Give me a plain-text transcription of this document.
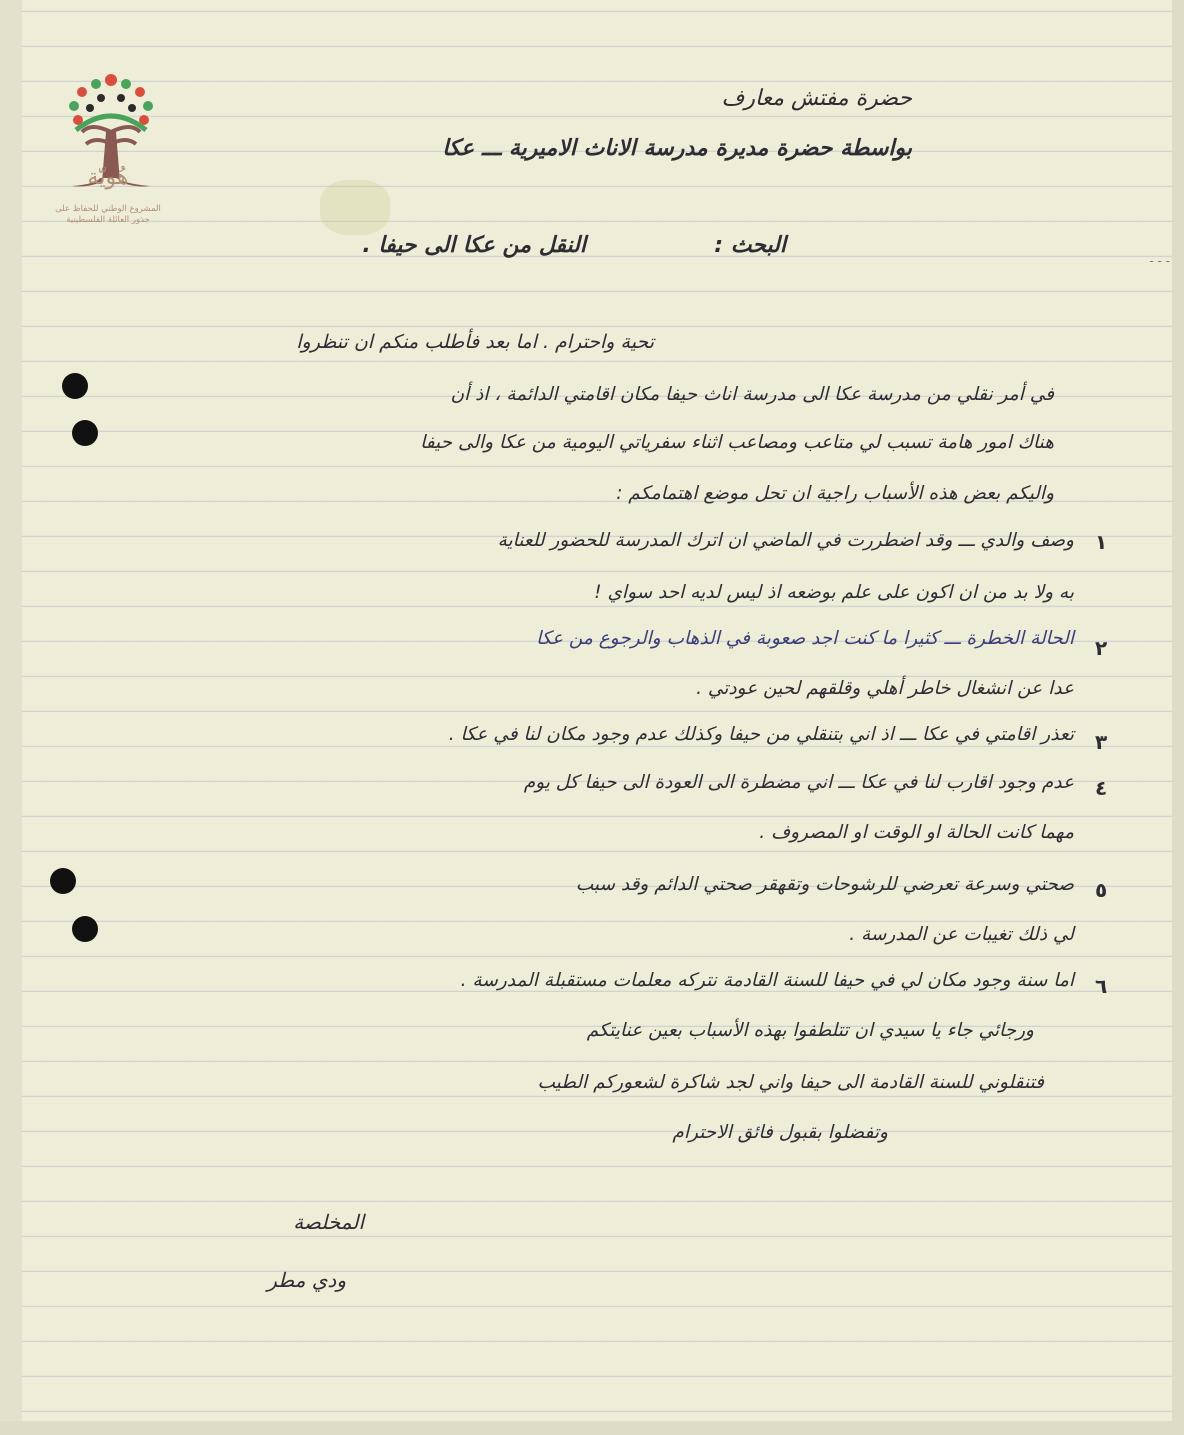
هُويّة
المشروع الوطني للحفاظ على
جذور العائلة الفلسطينية
حضرة مفتش معارف
بواسطة حضرة مديرة مدرسة الاناث الاميرية ـــ عكا
البحث :
النقل من عكا الى حيفا .
تحية واحترام . اما بعد فأطلب منكم ان تنظروا
في أمر نقلي من مدرسة عكا الى مدرسة اناث حيفا مكان اقامتي الدائمة ، اذ أن
هناك امور هامة تسبب لي متاعب ومصاعب اثناء سفرياتي اليومية من عكا والى حيفا
واليكم بعض هذه الأسباب راجية ان تحل موضع اهتمامكم :
١
وصف والدي ـــ وقد اضطررت في الماضي ان اترك المدرسة للحضور للعناية
به ولا بد من ان اكون على علم بوضعه اذ ليس لديه احد سواي !
٢
الحالة الخطرة ـــ كثيرا ما كنت اجد صعوبة في الذهاب والرجوع من عكا
عدا عن انشغال خاطر أهلي وقلقهم لحين عودتي .
٣
تعذر اقامتي في عكا ـــ اذ اني بتنقلي من حيفا وكذلك عدم وجود مكان لنا في عكا .
٤
عدم وجود اقارب لنا في عكا ـــ اني مضطرة الى العودة الى حيفا كل يوم
مهما كانت الحالة او الوقت او المصروف .
٥
صحتي وسرعة تعرضي للرشوحات وتقهقر صحتي الدائم وقد سبب
لي ذلك تغيبات عن المدرسة .
٦
اما سنة وجود مكان لي في حيفا للسنة القادمة نتركه معلمات مستقبلة المدرسة .
ورجائي جاء يا سيدي ان تتلطفوا بهذه الأسباب بعين عنايتكم
فتنقلوني للسنة القادمة الى حيفا واني لجد شاكرة لشعوركم الطيب
وتفضلوا بقبول فائق الاحترام
المخلصة
ودي مطر
- - -
